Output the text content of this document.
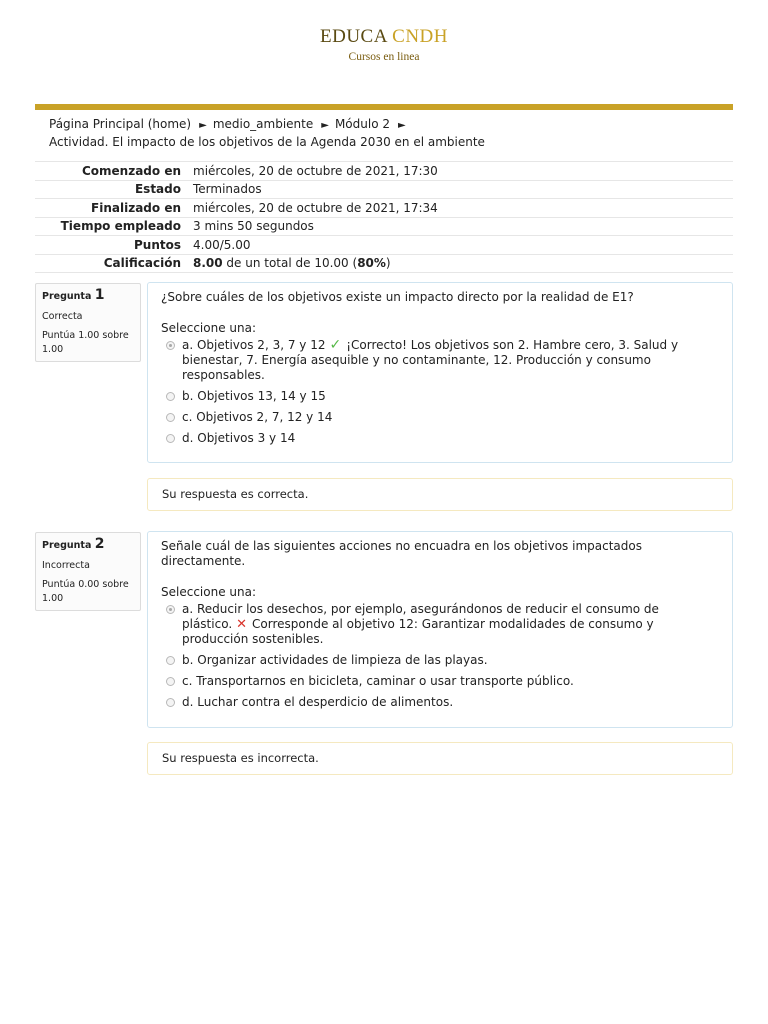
EDUCA CNDH
Cursos en linea
Página Principal (home) ► medio_ambiente ► Módulo 2 ►
Actividad. El impacto de los objetivos de la Agenda 2030 en el ambiente
Comenzado en	miércoles, 20 de octubre de 2021, 17:30
Estado	Terminados
Finalizado en	miércoles, 20 de octubre de 2021, 17:34
Tiempo empleado	3 mins 50 segundos
Puntos	4.00/5.00
Calificación	8.00 de un total de 10.00 (80%)
Pregunta 1
Correcta
Puntúa 1.00 sobre 1.00
¿Sobre cuáles de los objetivos existe un impacto directo por la realidad de E1?
Seleccione una:
a. Objetivos 2, 3, 7 y 12 ✓ ¡Correcto! Los objetivos son 2. Hambre cero, 3. Salud y bienestar, 7. Energía asequible y no contaminante, 12. Producción y consumo responsables.
b. Objetivos 13, 14 y 15
c. Objetivos 2, 7, 12 y 14
d. Objetivos 3 y 14
Su respuesta es correcta.
Pregunta 2
Incorrecta
Puntúa 0.00 sobre 1.00
Señale cuál de las siguientes acciones no encuadra en los objetivos impactados directamente.
Seleccione una:
a. Reducir los desechos, por ejemplo, asegurándonos de reducir el consumo de plástico. ✕ Corresponde al objetivo 12: Garantizar modalidades de consumo y producción sostenibles.
b. Organizar actividades de limpieza de las playas.
c. Transportarnos en bicicleta, caminar o usar transporte público.
d. Luchar contra el desperdicio de alimentos.
Su respuesta es incorrecta.
